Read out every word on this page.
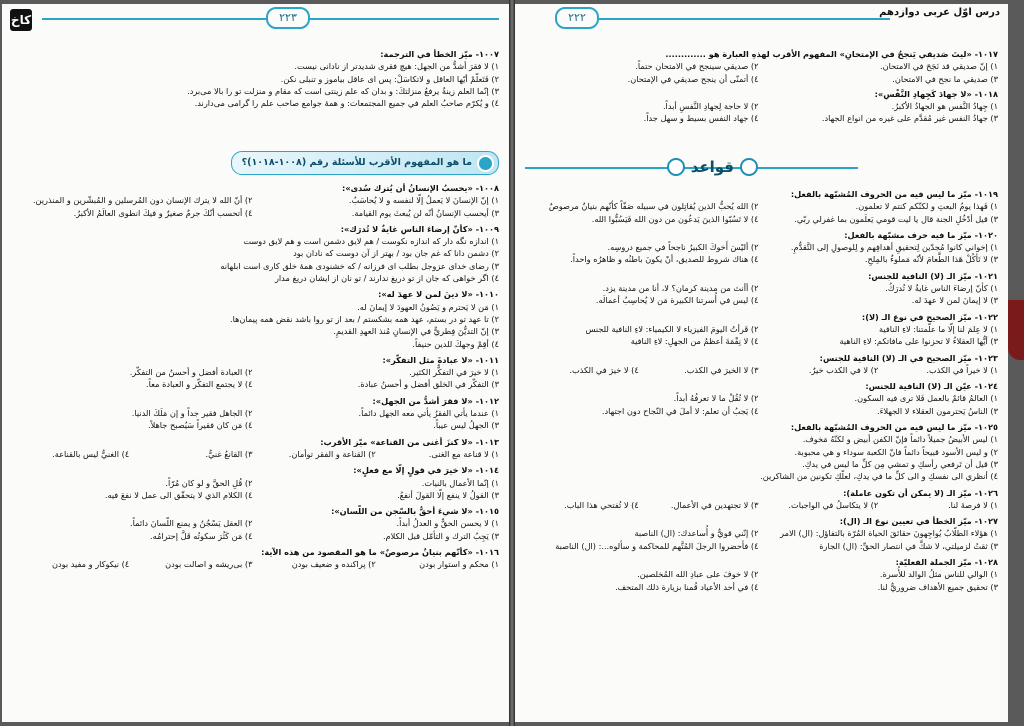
۲۲۲	درس اوّل عربی دوازدهم
١٠١٧- «ليتَ صَديقي يَنجحُ في الإمتحانِ» المفهوم الأقرب لهذهِ العبارة هو .............
١) إنّ صديقي قد نَجَحَ في الامتحان.
٢) صديقي سينجح في الامتحان حتماً.
٣) صديقي ما نجح في الامتحان.
٤) أتمنّى أن ينجح صديقي في الإمتحان.
١٠١٨- «لا جهادَ كَجِهادِ النَّفْسِ»:
١) جِهادُ النَّفس هو الجهادُ الأكبرُ.
٢) لا حاجة لِجهادِ النَّفسِ أبداً.
٣) جهادُ النفس غير مُقدَّم على غيره من انواع الجهاد.
٤) جهاد النفس بسيط و سهل جداً.
قواعد
١٠١٩- ميّز ما ليس فيه من الحروف المُشبّهة بالفعل:
١) فَهذا يومُ البعثِ و لكنّكم كنتم لا تعلمون.
٢) الله يُحبُّ الذين يُقاتِلون في سبيله صَفّاً كأنّهم بنيانٌ مرصوصٌ
٣) قيل أدْخُلِ الجنة قال يا ليت قومي يَعلَمون بما غفرلي ربّي.
٤) لا تَسُبّوا الذينَ يَدعُون من دون الله فَيَسُبُّوا الله.
١٠٢٠- ميّز ما فيه حرف مشبّهة بالفعل:
١) إخواني كانوا مُجدّين لِتحقيقِ أهدافِهم و لِلوصولِ إلى التَّقدُّمِ.
٢) أليْسَ أَخوكَ الكبيرُ ناجحاً في جميع دروسِه.
٣) لا تَأكُلْ هَذا الطَّعامَ لأنّه مَملوءٌ بالمِلحِ.
٤) هناك شروط للصديق، أنْ يكونَ باطنُه و ظاهرُه واحداً.
١٠٢١- ميّز الـ (لا) النافية للجنس:
١) كأنّ إرضاءَ الناس غايةٌ لا تُدرَكُ.
٢) أأنتَ من مدينة كرمان؟ لا، أنا من مدينة يزد.
٣) لا إيمانَ لمن لا عهدَ له.
٤) ليس في أُسرتنا الكبيرة مَن لا يُحاسِبُ أعمالَه.
١٠٢٢- ميّز الصحيح في نوع الـ (لا):
١) لا عِلمَ لنا إلّا ما علّمتنا: لاءِ النافية
٢) قَرأتُ اليومَ الفيزياء لا الكيمياء: لاءِ النافية للجنس
٣) أيُّها العقلاءُ لا تحزنوا على مافاتكم: لاءِ الناهية
٤) لا نِقْمَةَ أعظمُ من الجهلِ: لاءِ النافية
١٠٢٣- ميّز الصحيح في الـ (لا) النافية للجنس:
١) لا خيراً في الكذب.
٢) لا في الكذب خيرٌ.
٣) لا الخيرَ في الكذب.
٤) لا خيرَ في الكذب.
١٠٢٤- عيّن الـ (لا) النافية للجنس:
١) العالمُ قائمٌ بالعمل فَلا ترى فيه السكون.
٢) لا تُقُلْ ما لا تعرفُهُ أبداً.
٣) الناسُ يَحترمون العقلاء لا الجهلاءَ.
٤) يَجبُ أن تعلم: لا أملَ في النّجاح دون اجتهاد.
١٠٢٥- ميّز ما ليس فيه من الحروف المُشبّهة بالفعل:
١) ليس الأبيضُ جميلاً دائماً فإنّ الكفن أبيض و لكنّهُ مَخوف.
٢) و ليس الأسود قبيحاً دائماً فانّ الكعبة سوداء و هي محبوبة.
٣) قيل أن تَرفعي رأسكِ و تمشي مِن كلِّ ما ليس في يدكِ.
٤) أنظري الى نفسكِ و الى كلِّ ما في يدكِ، لعلّكِ تكونين من الشاكرين.
١٠٢٦- ميّز الـ (لا يمكن أن تكون عاملة):
١) لا فرصةَ لنا.
٢) لا يتكاسلُ في الواجبات.
٣) لا تجتهدين في الأعمال.
٤) لا تُفتحي هذا الباب.
١٠٢٧- ميّز الخطأ في تعيين نوع الـ (ال):
١) هؤلاء الطلّابُ يُواجِهونَ حقائقَ الحياة المُرّة بالتفاؤل: (ال) الامر
٢) إنّني قويٌّ و أُساعدك: (ال) الناصبة
٣) ثقتُ لزميلتي، لا شكَّ في انتصار الحقِّ: (ال) الجارة
٤) فأحضروا الرجلَ المُتَّهم للمحاكمة و سألوه...: (ال) الناصبة
١٠٢٨- ميّز الجملة الفعليّة:
١) الوالي للناس مثلُ الوالد للأُسرة.
٢) لا خوفَ على عبادِ الله المُخلصين.
٣) تحقيق جميع الأهداف ضروريٌّ لنا.
٤) في أحد الأعياد قُمنا بزيارة ذلك المتحف.
کاخ	۲۲۳
١٠٠٧- ميّز الخطأ في الترجمة:
١) لا فقرَ أشدُّ من الجهل: هيچ فقرى شديدتر از نادانى نيست.
٢) فَتَعلَّمْ أيّها العاقل و لاتكاسَلْ: پس اى عاقل بياموز و تنبلى نكن.
٣) إنّما العلم زينةٌ يرفعُ منزلتكَ: و بدان كه علم زينتى است كه مقام و منزلت تو را بالا مى‌برد.
٤) و يُكرّم صاحبُ العلم في جميع المجتمعات: و همهٔ جوامع صاحب علم را گرامى مى‌دارند.
ما هو المفهوم الأقرب للأسئلة رقم (١٠٠٨-١٠١٨)؟
١٠٠٨- «يحسبُ الإنسانُ أن يُترك سُدى»:
١) إنّ الإنسانَ لا يَعملُ إلّا لنفسه و لا يُحاسَبُ.
٢) أنّ الله لا يترك الإنسان دون المُرسلين و المُبشّرين و المنذرين.
٣) أيحسب الإنسانُ أنّه لن يُبعثَ يوم القيامة.
٤) أتحسب أنّكَ جرمٌ صغيرٌ و فيكَ انطوى العالَمُ الأكبرُ.
١٠٠٩- «كأنّ إرضاءَ الناسِ غايةٌ لا تُدرَك»:
١) اندازه نگه دار كه اندازه نكوست / هم لايق دشمن است و هم لايق دوست
٢) دشمن دانا كه غم جان بود / بهتر از آن دوست كه نادان بود
٣) رضاى خداى عزوجل بطلب اى فرزانه / كه خشنودى همهٔ خلق كارى است ابلهانه
٤) اگر خواهى كه جان از تو دريغ ندارند / تو نان از ايشان دريغ مدار
١٠١٠- «لا دينَ لمن لا عهدَ له»:
١) مَن لا يَحترم و يَصُونُ العهودَ لا إيمانَ له.
٢) تا عهد تو در بستم، عهد همه بشكستم / بعد از تو روا باشد نقض همه پيمان‌ها.
٣) إنّ التديُّنَ فِطريٌّ في الإنسانِ مُنذ العهدِ القديمِ.
٤) أقِمْ وجهكَ للدين حنيفاً.
١٠١١- «لا عبادةَ مثل التفكّر»:
١) لا خيرَ في التفكُّر الكثير.
٢) العبادة أفضل و أحسنُ من التفكّر.
٣) التفكّر في الخلق أفضل و أحسنُ عبادة.
٤) لا يجتمع التفكّر و العبادة معاً.
١٠١٢- «لا فقرَ أشدُّ من الجهل»:
١) عندما يأتي الفقرُ يأتي معه الجهل دائماً.
٢) الجاهل فقير جداً و إن مَلَكَ الدنيا.
٣) الجهلُ ليس عيباً.
٤) مَن كان فقيراً سَيُصبح جاهلاً.
١٠١٣- «لا كنزَ أغنى من القناعة» ميّز الأقرب:
١) لا قناعة مع الغنى.
٢) القناعة و الفقر توأمان.
٣) القانعُ غنيٌّ.
٤) الغنيُّ ليس بالقناعة.
١٠١٤- «لا خيرَ في قولٍ إلّا مع فعلٍ»:
١) إنّما الأعمال بالنيات.
٢) قُلِ الحقَّ و لو كان مُرّاً.
٣) القولُ لا ينفع إلّا القولَ أنفعُ.
٤) الكلام الذي لا يتحقّق الى عمل لا نفعَ فيه.
١٠١٥- «لا شيءَ أحقُّ بالسّجنِ من اللّسان»:
١) لا يحسن الحقُّ و العدلُ أبداً.
٢) العقل يَسْجُنُ و يمنع اللّسانَ دائماً.
٣) يَجِبُ الترك و التأمّل قبل الكلام.
٤) مَن كَثُرَ سكوتُه قَلَّ إحترامُه.
١٠١٦- «كأنّهم بنيانٌ مرصوصٌ» ما هو المقصود من هذه الآية:
١) محكم و استوار بودن
٢) پراكنده و ضعيف بودن
٣) بى‌ريشه و اصالت بودن
٤) نيكوكار و مفيد بودن
